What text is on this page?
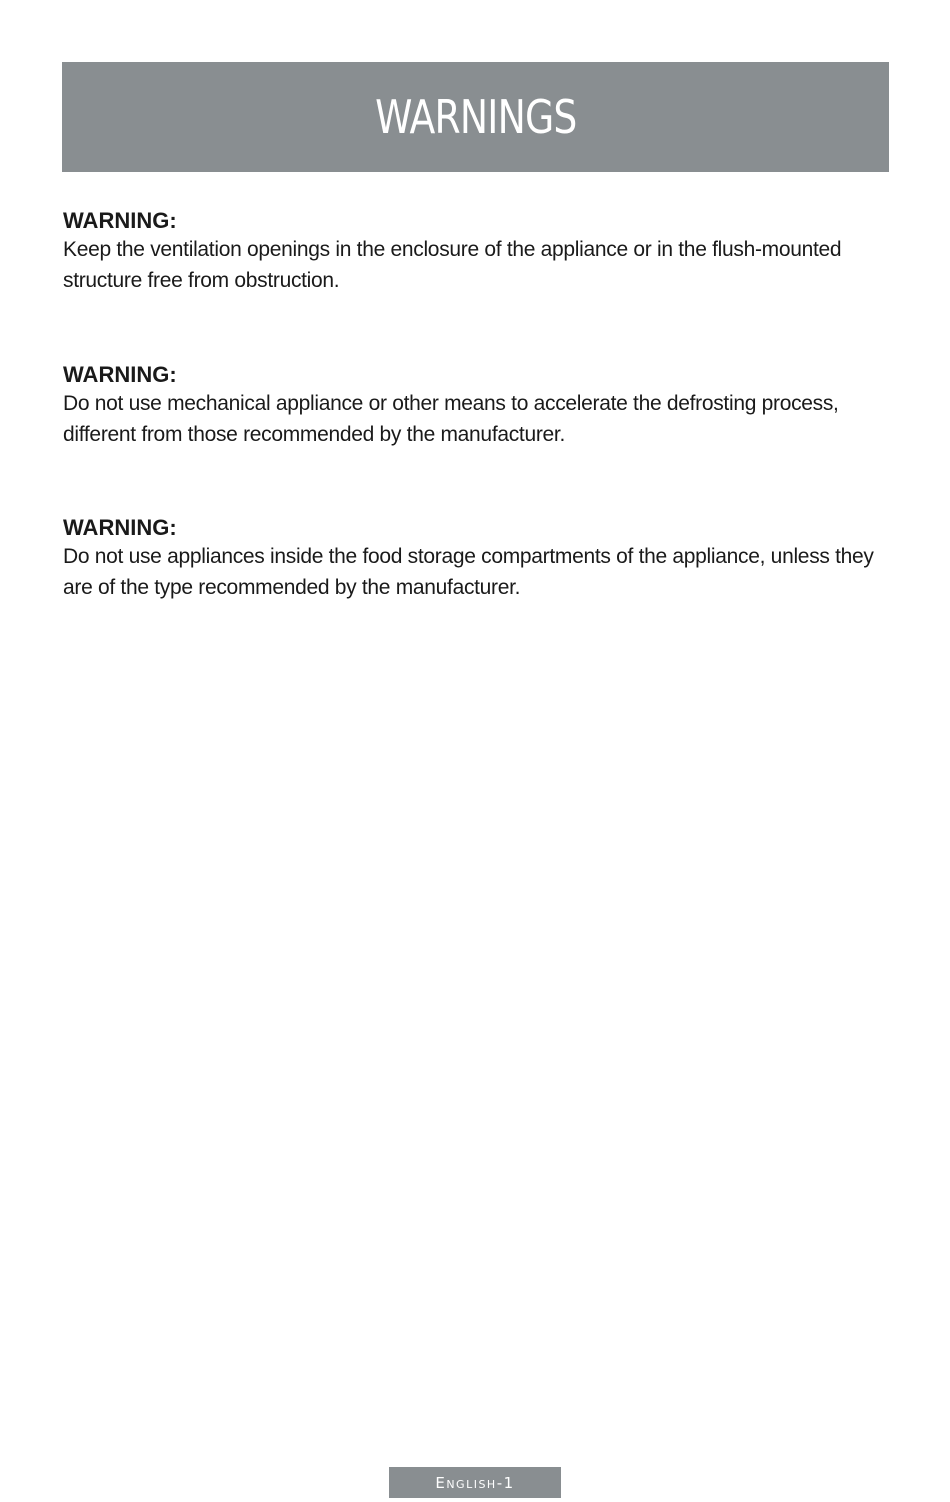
WARNINGS

WARNING:

Keep the ventilation openings in the enclosure of the appliance or in the flush-mounted structure free from obstruction.

WARNING:

Do not use mechanical appliance or other means to accelerate the defrosting process, different from those recommended by the manufacturer.

WARNING:

Do not use appliances inside the food storage compartments of the appliance, unless they are of the type recommended by the manufacturer.

English-1
